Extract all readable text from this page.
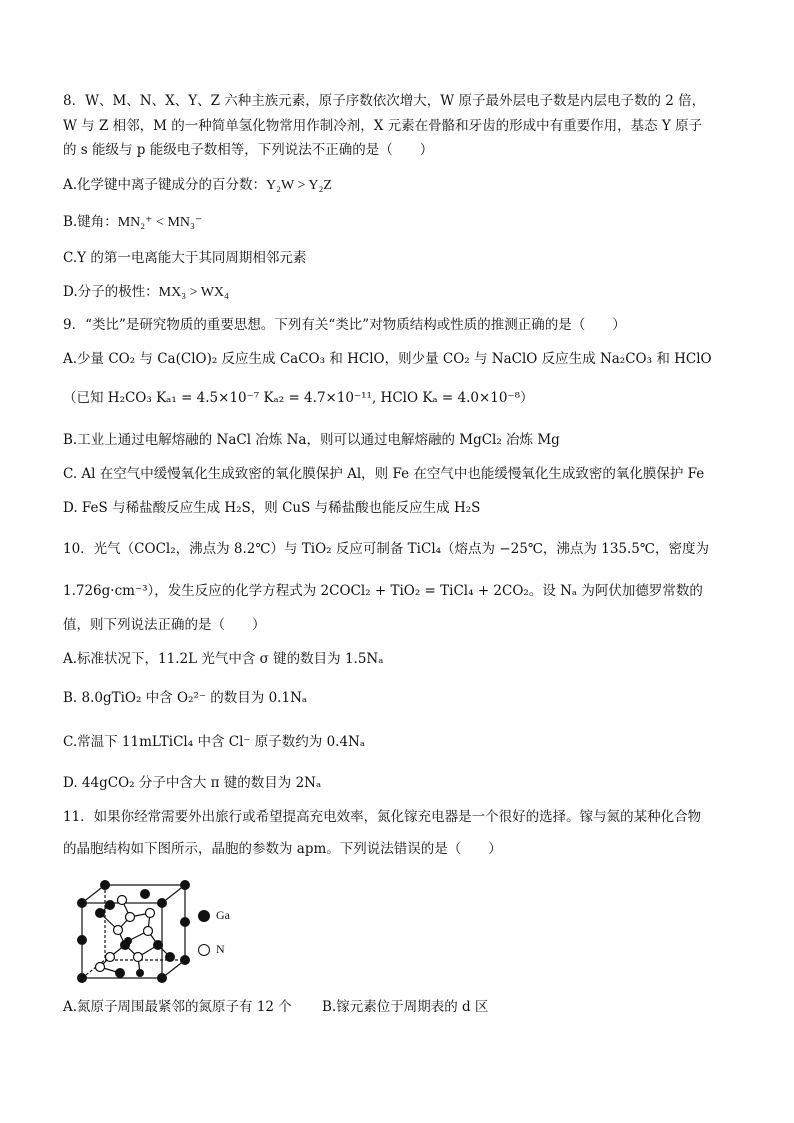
8．W、M、N、X、Y、Z 六种主族元素，原子序数依次增大，W 原子最外层电子数是内层电子数的 2 倍，
W 与 Z 相邻，M 的一种简单氢化物常用作制冷剂，X 元素在骨骼和牙齿的形成中有重要作用，基态 Y 原子
的 s 能级与 p 能级电子数相等，下列说法不正确的是（　　）
A.化学键中离子键成分的百分数：Y₂W > Y₂Z
B.键角：MN₂⁺ < MN₃⁻
C.Y 的第一电离能大于其同周期相邻元素
D.分子的极性：MX₃ > WX₄
9．“类比”是研究物质的重要思想。下列有关“类比”对物质结构或性质的推测正确的是（　　）
A.少量 CO₂ 与 Ca(ClO)₂ 反应生成 CaCO₃ 和 HClO，则少量 CO₂ 与 NaClO 反应生成 Na₂CO₃ 和 HClO
（已知 H₂CO₃ Kₐ₁ = 4.5×10⁻⁷ Kₐ₂ = 4.7×10⁻¹¹, HClO Kₐ = 4.0×10⁻⁸）
B.工业上通过电解熔融的 NaCl 冶炼 Na，则可以通过电解熔融的 MgCl₂ 冶炼 Mg
C. Al 在空气中缓慢氧化生成致密的氧化膜保护 Al，则 Fe 在空气中也能缓慢氧化生成致密的氧化膜保护 Fe
D. FeS 与稀盐酸反应生成 H₂S，则 CuS 与稀盐酸也能反应生成 H₂S
10．光气（COCl₂，沸点为 8.2℃）与 TiO₂ 反应可制备 TiCl₄（熔点为 −25℃，沸点为 135.5℃，密度为
1.726g·cm⁻³），发生反应的化学方程式为 2COCl₂ + TiO₂ = TiCl₄ + 2CO₂。设 Nₐ 为阿伏加德罗常数的
值，则下列说法正确的是（　　）
A.标准状况下，11.2L 光气中含 σ 键的数目为 1.5Nₐ
B. 8.0gTiO₂ 中含 O₂²⁻ 的数目为 0.1Nₐ
C.常温下 11mLTiCl₄ 中含 Cl⁻ 原子数约为 0.4Nₐ
D. 44gCO₂ 分子中含大 π 键的数目为 2Nₐ
11．如果你经常需要外出旅行或希望提高充电效率，氮化镓充电器是一个很好的选择。镓与氮的某种化合物
的晶胞结构如下图所示，晶胞的参数为 apm。下列说法错误的是（　　）
Ga
N
A.氮原子周围最紧邻的氮原子有 12 个 B.镓元素位于周期表的 d 区
